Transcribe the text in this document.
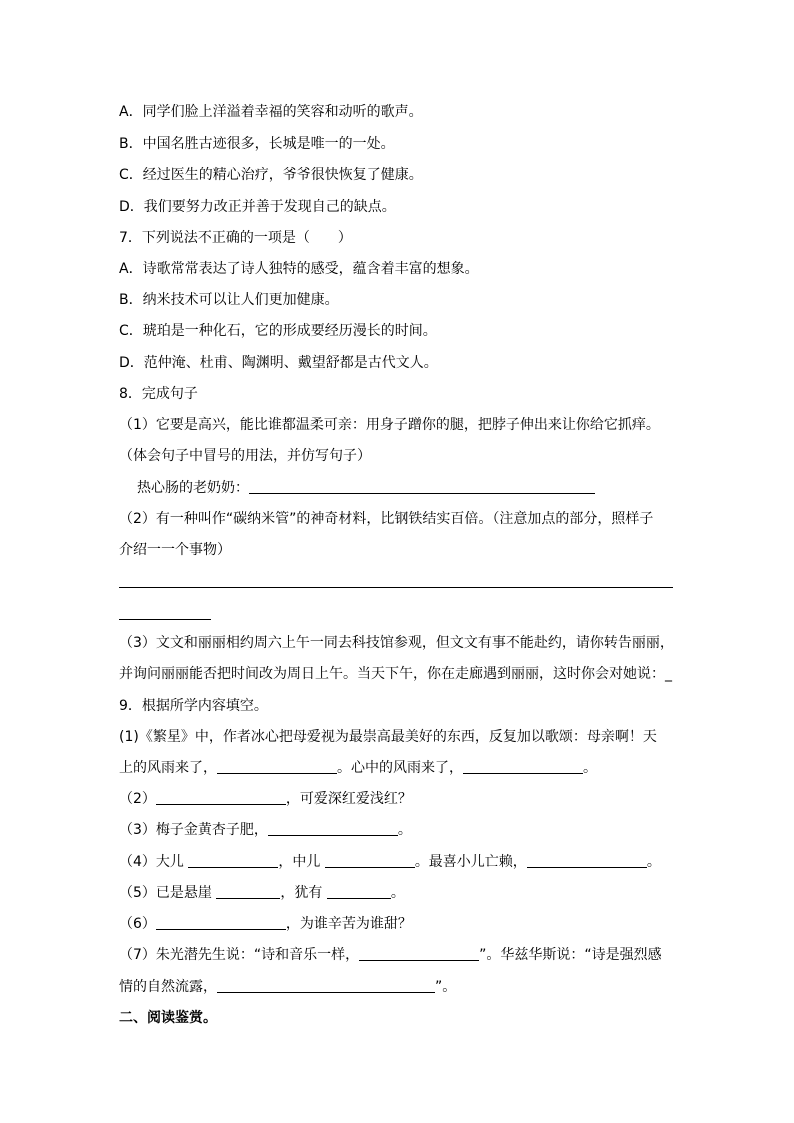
A．同学们脸上洋溢着幸福的笑容和动听的歌声。
B．中国名胜古迹很多，长城是唯一的一处。
C．经过医生的精心治疗，爷爷很快恢复了健康。
D．我们要努力改正并善于发现自己的缺点。
7．下列说法不正确的一项是（　　）
A．诗歌常常表达了诗人独特的感受，蕴含着丰富的想象。
B．纳米技术可以让人们更加健康。
C．琥珀是一种化石，它的形成要经历漫长的时间。
D．范仲淹、杜甫、陶渊明、戴望舒都是古代文人。
8．完成句子
（1）它要是高兴，能比谁都温柔可亲：用身子蹭你的腿，把脖子伸出来让你给它抓痒。
（体会句子中冒号的用法，并仿写句子）
热心肠的老奶奶：
（2）有一种叫作“碳纳米管”的神奇材料，比钢铁结实百倍。（注意加点的部分，照样子
介绍一一个事物）
（3）文文和丽丽相约周六上午一同去科技馆参观，但文文有事不能赴约，请你转告丽丽，
并询问丽丽能否把时间改为周日上午。当天下午，你在走廊遇到丽丽，这时你会对她说：_
9．根据所学内容填空。
(1)《繁星》中，作者冰心把母爱视为最崇高最美好的东西，反复加以歌颂：母亲啊！天
上的风雨来了，	。心中的风雨来了，	。
（2）	，可爱深红爱浅红？
（3）梅子金黄杏子肥，	。
（4）大儿	，中儿	。最喜小儿亡赖，	。
（5）已是悬崖	，犹有	。
（6）	，为谁辛苦为谁甜？
（7）朱光潜先生说：“诗和音乐一样，	”。华兹华斯说：“诗是强烈感
情的自然流露，	”。
二、阅读鉴赏。
